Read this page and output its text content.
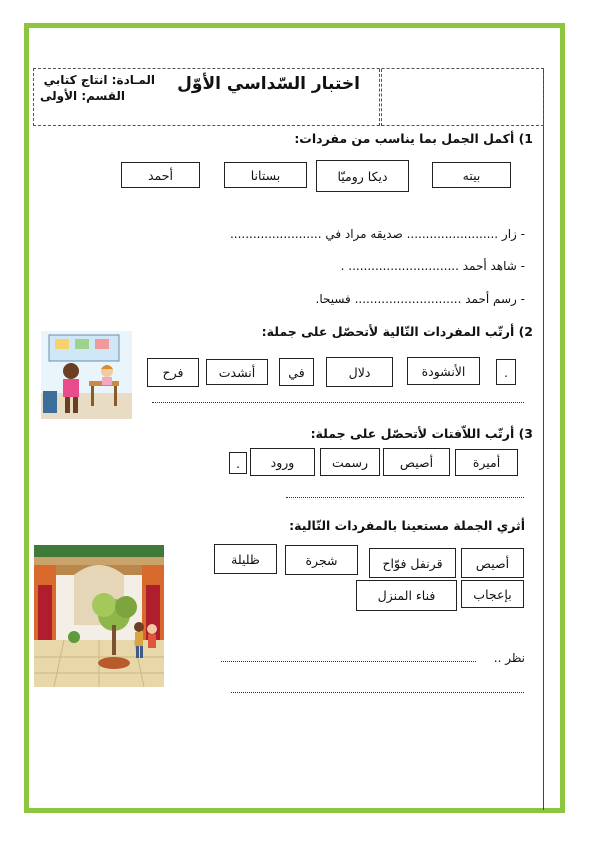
المـادة: انتاج كتابي
القسم: الأولى
اختبار السّداسي الأوّل
1) أكمل الجمل بما يناسب من مفردات:
بيته
ديكا روميّا
بستانا
أحمد
- زار ........................ صديقه مراد في ........................
- شاهد أحمد ............................. .
- رسم أحمد ............................ فسيحا.
2) أرتّب المفردات التّالية لأتحصّل على جملة:
.
الأنشودة
دلال
في
أنشدت
فرح
3) أرتّب اللاّفتات لأتحصّل على جملة:
أميرة
أصيص
رسمت
ورود
.
أثري الجملة مستعينا بالمفردات التّالية:
أصيص
قرنفل فوّاح
شجرة
ظليلة
بإعجاب
فناء المنزل
نظر ..
